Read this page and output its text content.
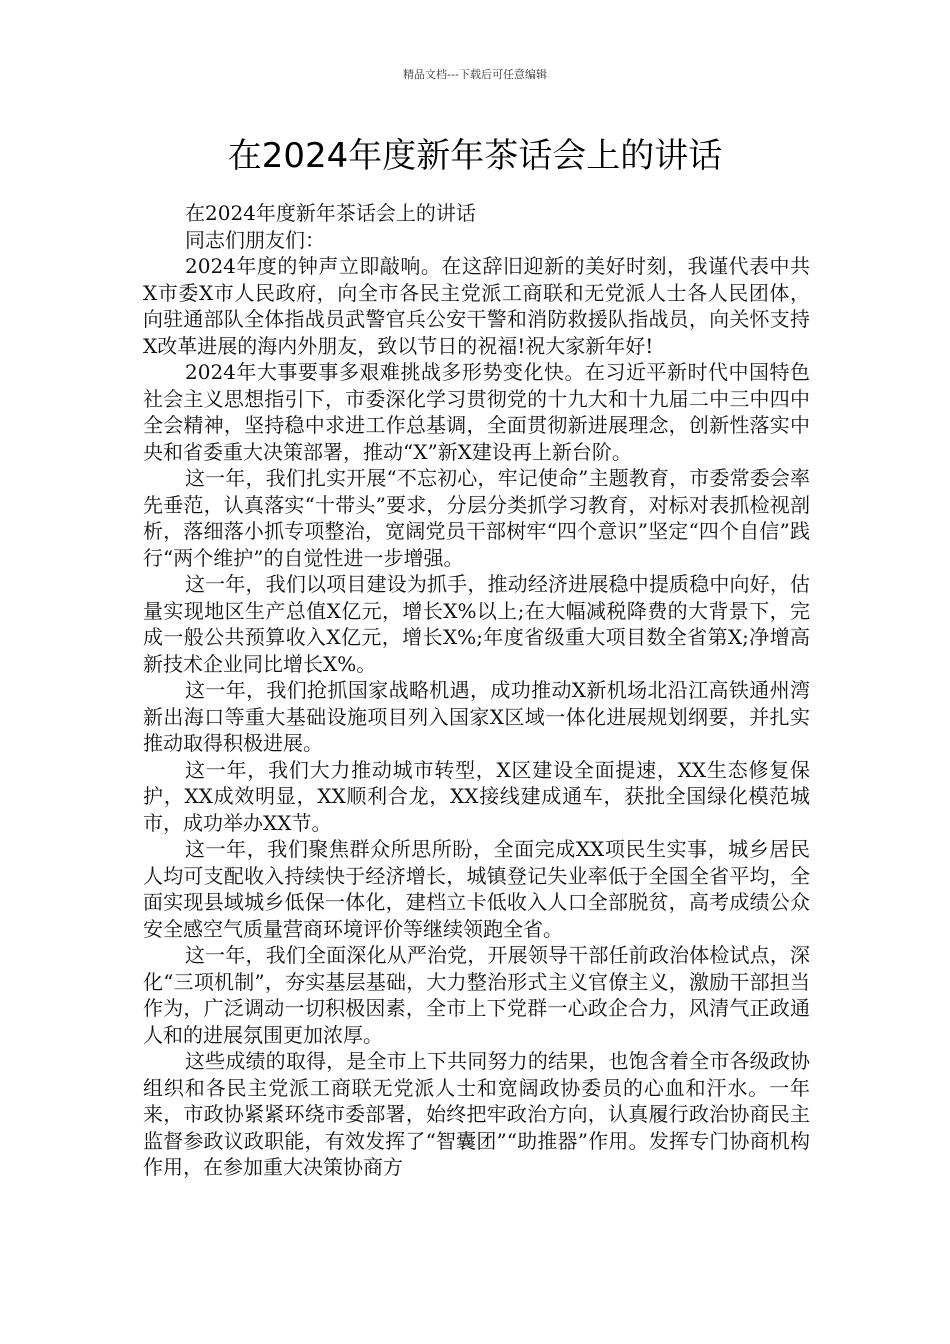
精品文档---下载后可任意编辑
在2024年度新年茶话会上的讲话

在2024年度新年茶话会上的讲话

同志们朋友们：

2024年度的钟声立即敲响。在这辞旧迎新的美好时刻，我谨代表中共X市委X市人民政府，向全市各民主党派工商联和无党派人士各人民团体，向驻通部队全体指战员武警官兵公安干警和消防救援队指战员，向关怀支持X改革进展的海内外朋友，致以节日的祝福!祝大家新年好!

2024年大事要事多艰难挑战多形势变化快。在习近平新时代中国特色社会主义思想指引下，市委深化学习贯彻党的十九大和十九届二中三中四中全会精神，坚持稳中求进工作总基调，全面贯彻新进展理念，创新性落实中央和省委重大决策部署，推动“X”新X建设再上新台阶。

这一年，我们扎实开展“不忘初心，牢记使命”主题教育，市委常委会率先垂范，认真落实“十带头”要求，分层分类抓学习教育，对标对表抓检视剖析，落细落小抓专项整治，宽阔党员干部树牢“四个意识”坚定“四个自信”践行“两个维护”的自觉性进一步增强。

这一年，我们以项目建设为抓手，推动经济进展稳中提质稳中向好，估量实现地区生产总值X亿元，增长X%以上;在大幅减税降费的大背景下，完成一般公共预算收入X亿元，增长X%;年度省级重大项目数全省第X;净增高新技术企业同比增长X%。

这一年，我们抢抓国家战略机遇，成功推动X新机场北沿江高铁通州湾新出海口等重大基础设施项目列入国家X区域一体化进展规划纲要，并扎实推动取得积极进展。

这一年，我们大力推动城市转型，X区建设全面提速，XX生态修复保护，XX成效明显，XX顺利合龙，XX接线建成通车，获批全国绿化模范城市，成功举办XX节。

这一年，我们聚焦群众所思所盼，全面完成XX项民生实事，城乡居民人均可支配收入持续快于经济增长，城镇登记失业率低于全国全省平均，全面实现县域城乡低保一体化，建档立卡低收入人口全部脱贫，高考成绩公众安全感空气质量营商环境评价等继续领跑全省。

这一年，我们全面深化从严治党，开展领导干部任前政治体检试点，深化“三项机制”，夯实基层基础，大力整治形式主义官僚主义，激励干部担当作为，广泛调动一切积极因素，全市上下党群一心政企合力，风清气正政通人和的进展氛围更加浓厚。

这些成绩的取得，是全市上下共同努力的结果，也饱含着全市各级政协组织和各民主党派工商联无党派人士和宽阔政协委员的心血和汗水。一年来，市政协紧紧环绕市委部署，始终把牢政治方向，认真履行政治协商民主监督参政议政职能，有效发挥了“智囊团”“助推器”作用。发挥专门协商机构作用，在参加重大决策协商方
